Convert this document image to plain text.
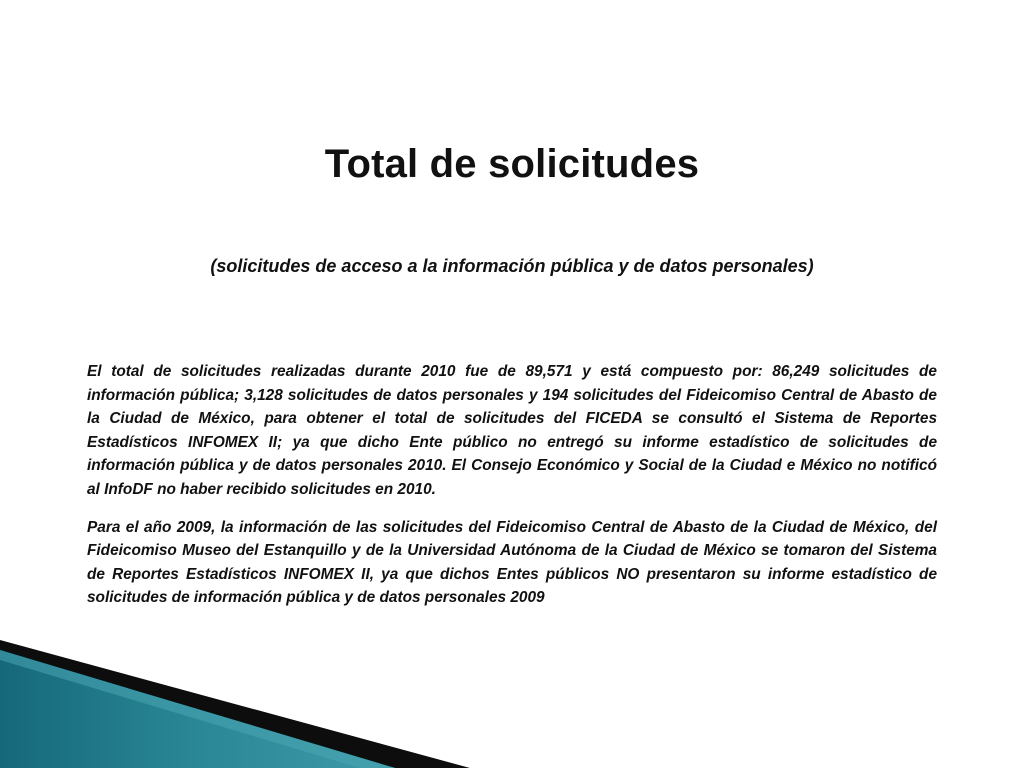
Total de solicitudes

(solicitudes de acceso a la información pública y de datos personales)

El total de solicitudes realizadas durante 2010 fue de 89,571 y está compuesto por: 86,249 solicitudes de información pública; 3,128 solicitudes de datos personales y 194 solicitudes del Fideicomiso Central de Abasto de la Ciudad de México, para obtener el total de solicitudes del FICEDA se consultó el Sistema de Reportes Estadísticos INFOMEX II; ya que dicho Ente público no entregó su informe estadístico de solicitudes de información pública y de datos personales 2010. El Consejo Económico y Social de la Ciudad e México no notificó al InfoDF no haber recibido solicitudes en 2010.

Para el año 2009, la información de las solicitudes del Fideicomiso Central de Abasto de la Ciudad de México, del Fideicomiso Museo del Estanquillo y de la Universidad Autónoma de la Ciudad de México se tomaron del Sistema de Reportes Estadísticos INFOMEX II, ya que dichos Entes públicos NO presentaron su informe estadístico de solicitudes de información pública y de datos personales 2009
